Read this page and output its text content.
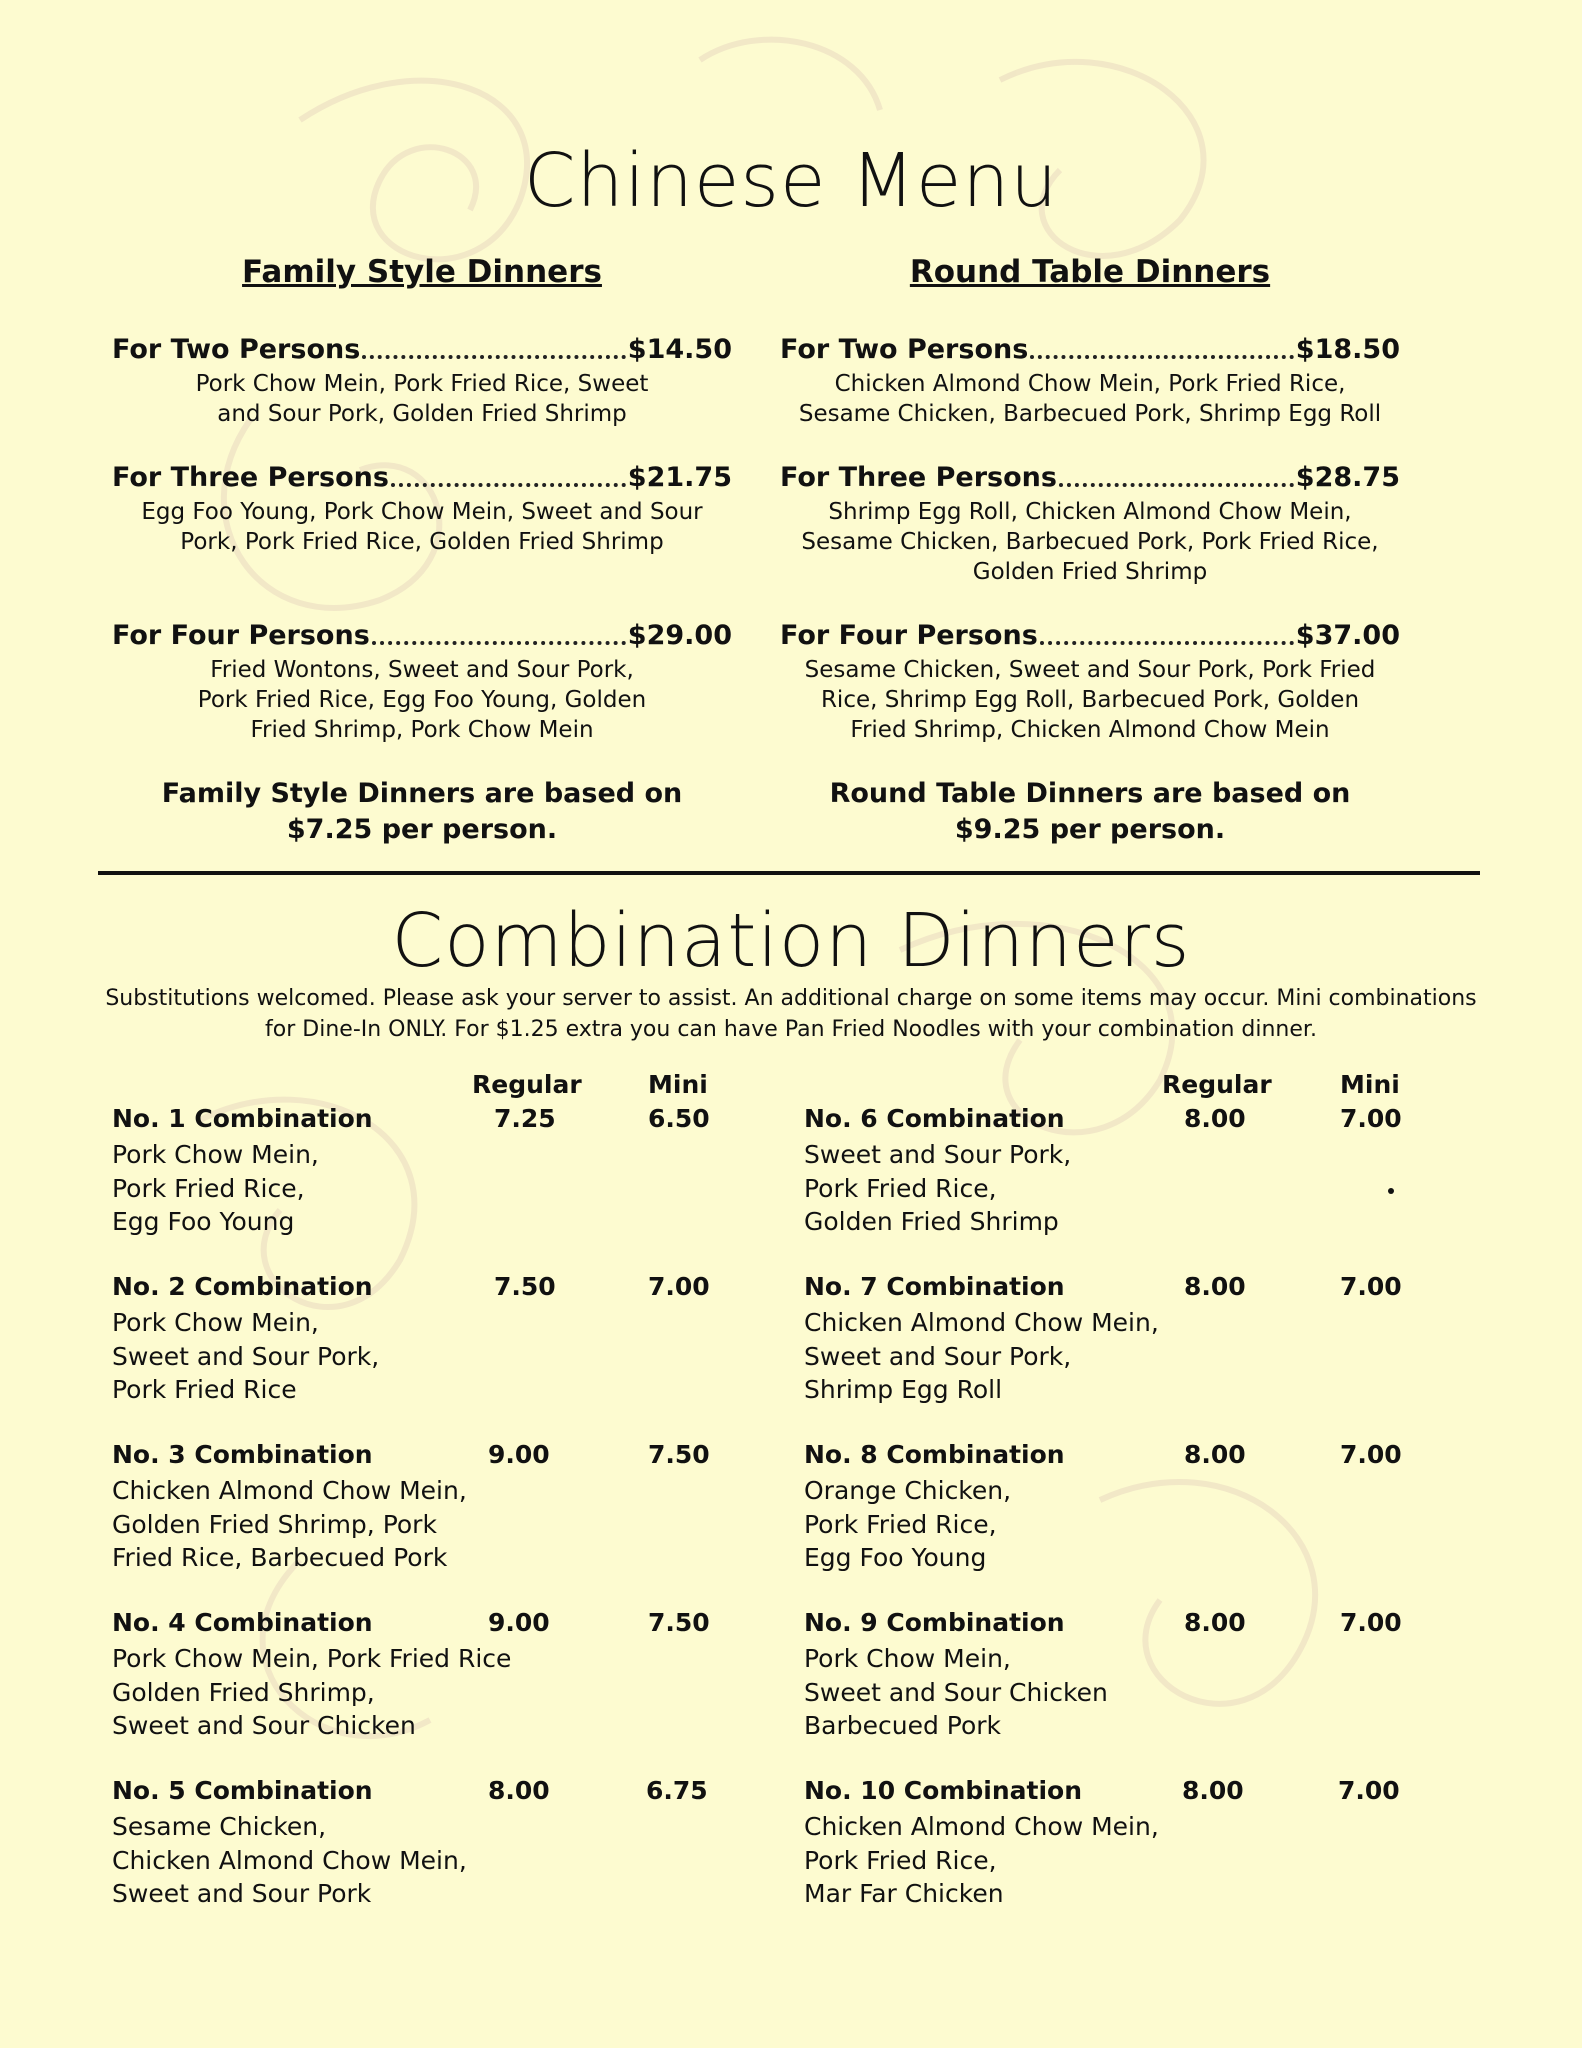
Chinese Menu
Family Style Dinners
For Two Persons	$14.50
Pork Chow Mein, Pork Fried Rice, Sweet and Sour Pork, Golden Fried Shrimp
For Three Persons	$21.75
Egg Foo Young, Pork Chow Mein, Sweet and Sour Pork, Pork Fried Rice, Golden Fried Shrimp
For Four Persons	$29.00
Fried Wontons, Sweet and Sour Pork, Pork Fried Rice, Egg Foo Young, Golden Fried Shrimp, Pork Chow Mein
Family Style Dinners are based on
$7.25 per person.
Round Table Dinners
For Two Persons	$18.50
Chicken Almond Chow Mein, Pork Fried Rice, Sesame Chicken, Barbecued Pork, Shrimp Egg Roll
For Three Persons	$28.75
Shrimp Egg Roll, Chicken Almond Chow Mein, Sesame Chicken, Barbecued Pork, Pork Fried Rice, Golden Fried Shrimp
For Four Persons	$37.00
Sesame Chicken, Sweet and Sour Pork, Pork Fried Rice, Shrimp Egg Roll, Barbecued Pork, Golden Fried Shrimp, Chicken Almond Chow Mein
Round Table Dinners are based on
$9.25 per person.
Combination Dinners
Substitutions welcomed. Please ask your server to assist. An additional charge on some items may occur. Mini combinations for Dine-In ONLY. For $1.25 extra you can have Pan Fried Noodles with your combination dinner.
Regular	Mini
No. 1 Combination	7.25	6.50
Pork Chow Mein,
Pork Fried Rice,
Egg Foo Young
No. 2 Combination	7.50	7.00
Pork Chow Mein,
Sweet and Sour Pork,
Pork Fried Rice
No. 3 Combination	9.00	7.50
Chicken Almond Chow Mein,
Golden Fried Shrimp, Pork
Fried Rice, Barbecued Pork
No. 4 Combination	9.00	7.50
Pork Chow Mein, Pork Fried Rice
Golden Fried Shrimp,
Sweet and Sour Chicken
No. 5 Combination	8.00	6.75
Sesame Chicken,
Chicken Almond Chow Mein,
Sweet and Sour Pork
Regular	Mini
No. 6 Combination	8.00	7.00
Sweet and Sour Pork,
Pork Fried Rice,
Golden Fried Shrimp
No. 7 Combination	8.00	7.00
Chicken Almond Chow Mein,
Sweet and Sour Pork,
Shrimp Egg Roll
No. 8 Combination	8.00	7.00
Orange Chicken,
Pork Fried Rice,
Egg Foo Young
No. 9 Combination	8.00	7.00
Pork Chow Mein,
Sweet and Sour Chicken
Barbecued Pork
No. 10 Combination	8.00	7.00
Chicken Almond Chow Mein,
Pork Fried Rice,
Mar Far Chicken
